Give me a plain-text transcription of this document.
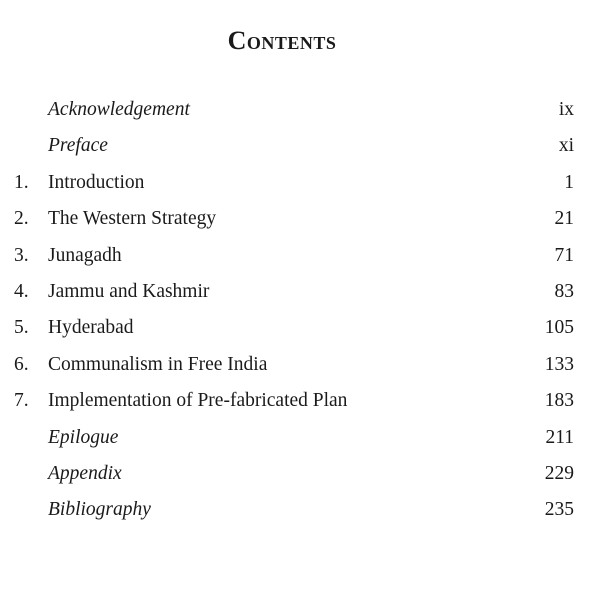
Contents
Acknowledgement	ix
Preface	xi
1. Introduction	1
2. The Western Strategy	21
3. Junagadh	71
4. Jammu and Kashmir	83
5. Hyderabad	105
6. Communalism in Free India	133
7. Implementation of Pre-fabricated Plan	183
Epilogue	211
Appendix	229
Bibliography	235
